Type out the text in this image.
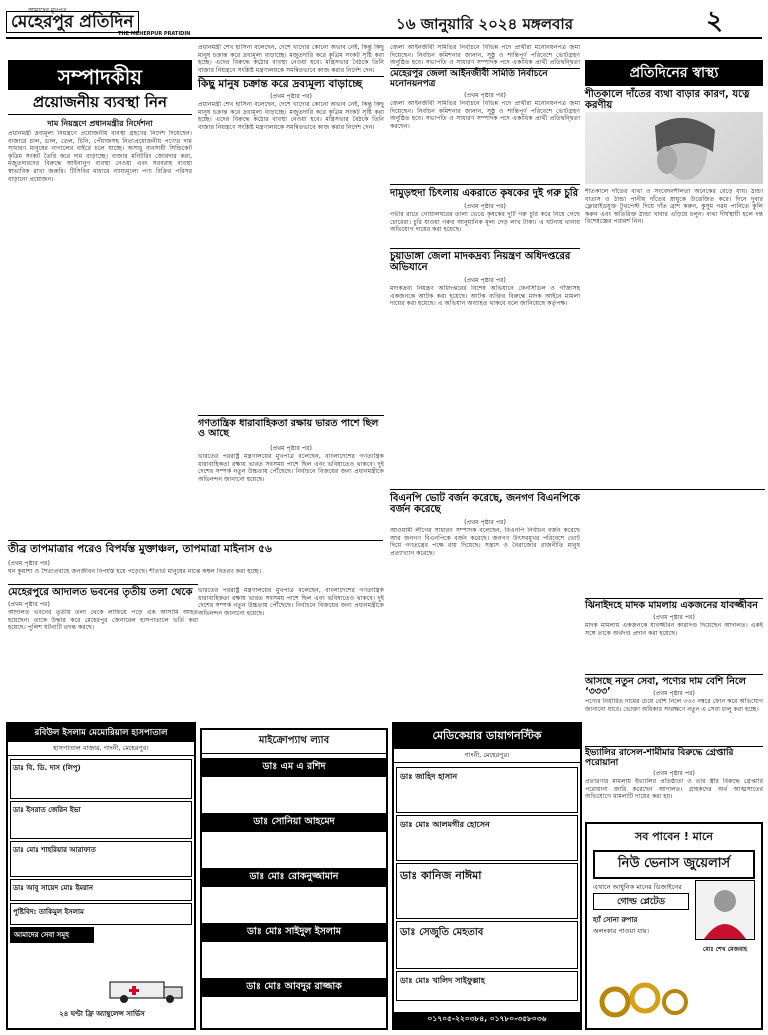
আমাদের মুখপত্র
মেহেরপুর প্রতিদিন
THE MEHERPUR PRATIDIN
১৬ জানুয়ারি ২০২৪ মঙ্গলবার	২
সম্পাদকীয়
প্রয়োজনীয় ব্যবস্থা নিন
দাম নিয়ন্ত্রণে প্রধানমন্ত্রীর নির্দেশনা
প্রধানমন্ত্রী দ্রব্যমূল্য নিয়ন্ত্রণে প্রয়োজনীয় ব্যবস্থা গ্রহণের নির্দেশ দিয়েছেন। বাজারে চাল, ডাল, তেল, চিনি, পেঁয়াজসহ নিত্যপ্রয়োজনীয় পণ্যের দাম সাধারণ মানুষের নাগালের বাইরে চলে যাচ্ছে। অসাধু ব্যবসায়ী সিন্ডিকেট কৃত্রিম সংকট তৈরি করে দাম বাড়াচ্ছে। বাজার মনিটরিং জোরদার করা, মজুতদারদের বিরুদ্ধে আইনানুগ ব্যবস্থা নেওয়া এবং সরবরাহ ব্যবস্থা স্বাভাবিক রাখা জরুরি। টিসিবির মাধ্যমে ন্যায্যমূল্যে পণ্য বিক্রির পরিসর বাড়ানো প্রয়োজন।
তীব্র তাপমাত্রার পরেও বিপর্যস্ত মুক্তাঞ্চল, তাপমাত্রা মাইনাস ৫৬
(প্রথম পৃষ্ঠার পর)
ঘন কুয়াশা ও শৈত্যপ্রবাহে জনজীবন বিপর্যস্ত হয়ে পড়েছে। শীতার্ত মানুষের মাঝে কম্বল বিতরণ করা হচ্ছে।
মেহেরপুরে আদালত ভবনের তৃতীয় তলা থেকে
(প্রথম পৃষ্ঠার পর)
আদালত ভবনের তৃতীয় তলা থেকে লাফিয়ে পড়ে এক আসামি আহত হয়েছেন। তাকে উদ্ধার করে মেহেরপুর জেনারেল হাসপাতালে ভর্তি করা হয়েছে। পুলিশ ঘটনাটি তদন্ত করছে।
প্রধানমন্ত্রী শেখ হাসিনা বলেছেন, দেশে খাদ্যের কোনো অভাব নেই, কিন্তু কিছু মানুষ চক্রান্ত করে দ্রব্যমূল্য বাড়াচ্ছে। মজুতদারি করে কৃত্রিম সংকট সৃষ্টি করা হচ্ছে। এদের বিরুদ্ধে কঠোর ব্যবস্থা নেওয়া হবে। মন্ত্রিসভার বৈঠকে তিনি বাজার নিয়ন্ত্রণে সংশ্লিষ্ট মন্ত্রণালয়কে সমন্বিতভাবে কাজ করার নির্দেশ দেন।
কিছু মানুষ চক্রান্ত করে দ্রব্যমূল্য বাড়াচ্ছে
(প্রথম পৃষ্ঠার পর)
প্রধানমন্ত্রী শেখ হাসিনা বলেছেন, দেশে খাদ্যের কোনো অভাব নেই, কিন্তু কিছু মানুষ চক্রান্ত করে দ্রব্যমূল্য বাড়াচ্ছে। মজুতদারি করে কৃত্রিম সংকট সৃষ্টি করা হচ্ছে। এদের বিরুদ্ধে কঠোর ব্যবস্থা নেওয়া হবে। মন্ত্রিসভার বৈঠকে তিনি বাজার নিয়ন্ত্রণে সংশ্লিষ্ট মন্ত্রণালয়কে সমন্বিতভাবে কাজ করার নির্দেশ দেন।
গণতান্ত্রিক ধারাবাহিকতা রক্ষায় ভারত পাশে ছিল ও আছে
(প্রথম পৃষ্ঠার পর)
ভারতের পররাষ্ট্র মন্ত্রণালয়ের মুখপাত্র বলেছেন, বাংলাদেশের গণতান্ত্রিক ধারাবাহিকতা রক্ষায় ভারত সবসময় পাশে ছিল এবং ভবিষ্যতেও থাকবে। দুই দেশের সম্পর্ক নতুন উচ্চতায় পৌঁছেছে। নির্বাচনে বিজয়ের জন্য প্রধানমন্ত্রীকে অভিনন্দন জানানো হয়েছে।
ভারতের পররাষ্ট্র মন্ত্রণালয়ের মুখপাত্র বলেছেন, বাংলাদেশের গণতান্ত্রিক ধারাবাহিকতা রক্ষায় ভারত সবসময় পাশে ছিল এবং ভবিষ্যতেও থাকবে। দুই দেশের সম্পর্ক নতুন উচ্চতায় পৌঁছেছে। নির্বাচনে বিজয়ের জন্য প্রধানমন্ত্রীকে অভিনন্দন জানানো হয়েছে।
জেলা আইনজীবী সমিতির নির্বাচনে বিভিন্ন পদে প্রার্থীরা মনোনয়নপত্র জমা দিয়েছেন। নির্বাচন কমিশনার জানান, সুষ্ঠু ও শান্তিপূর্ণ পরিবেশে ভোটগ্রহণ অনুষ্ঠিত হবে। সভাপতি ও সাধারণ সম্পাদক পদে একাধিক প্রার্থী প্রতিদ্বন্দ্বিতা
মেহেরপুর জেলা আইনজীবী সমিতি নির্বাচনে মনোনয়নপত্র
(প্রথম পৃষ্ঠার পর)
জেলা আইনজীবী সমিতির নির্বাচনে বিভিন্ন পদে প্রার্থীরা মনোনয়নপত্র জমা দিয়েছেন। নির্বাচন কমিশনার জানান, সুষ্ঠু ও শান্তিপূর্ণ পরিবেশে ভোটগ্রহণ অনুষ্ঠিত হবে। সভাপতি ও সাধারণ সম্পাদক পদে একাধিক প্রার্থী প্রতিদ্বন্দ্বিতা করছেন।
দামুড়হুদা চিৎলায় একরাতে কৃষকের দুই গরু চুরি
(প্রথম পৃষ্ঠার পর)
গভীর রাতে গোয়ালঘরের তালা ভেঙে কৃষকের দুটি গরু চুরি করে নিয়ে গেছে চোরেরা। চুরি যাওয়া গরুর আনুমানিক মূল্য দেড় লাখ টাকা। এ ঘটনায় থানায় অভিযোগ দায়ের করা হয়েছে।
চুয়াডাঙ্গা জেলা মাদকদ্রব্য নিয়ন্ত্রণ অধিদপ্তরের অভিযানে
(প্রথম পৃষ্ঠার পর)
মাদকদ্রব্য নিয়ন্ত্রণ অধিদপ্তরের বিশেষ অভিযানে ফেনসিডিল ও গাঁজাসহ একজনকে আটক করা হয়েছে। আটক ব্যক্তির বিরুদ্ধে মাদক আইনে মামলা দায়ের করা হয়েছে। এ অভিযান অব্যাহত থাকবে বলে জানিয়েছে কর্তৃপক্ষ।
বিএনপি ভোট বর্জন করেছে, জনগণ বিএনপিকে বর্জন করেছে
(প্রথম পৃষ্ঠার পর)
আওয়ামী লীগের সাধারণ সম্পাদক বলেছেন, বিএনপি নির্বাচন বর্জন করেছে আর জনগণ বিএনপিকে বর্জন করেছে। জনগণ উৎসবমুখর পরিবেশে ভোট দিয়ে গণতন্ত্রের পক্ষে রায় দিয়েছে। সন্ত্রাস ও নৈরাজ্যের রাজনীতি মানুষ প্রত্যাখ্যান করেছে।
প্রতিদিনের স্বাস্থ্য
শীতকালে দাঁতের ব্যথা বাড়ার কারণ, যত্নে করণীয়
শীতকালে দাঁতের ব্যথা ও সংবেদনশীলতা অনেকের বেড়ে যায়। ঠান্ডা বাতাস ও ঠান্ডা পানীয় দাঁতের স্নায়ুকে উত্তেজিত করে। দিনে দুবার ফ্লোরাইডযুক্ত টুথপেস্ট দিয়ে দাঁত ব্রাশ করুন, কুসুম গরম পানিতে কুলি করুন এবং অতিরিক্ত ঠান্ডা খাবার এড়িয়ে চলুন। ব্যথা দীর্ঘস্থায়ী হলে দন্ত বিশেষজ্ঞের পরামর্শ নিন।
ঝিনাইদহে মাদক মামলায় একজনের যাবজ্জীবন
(প্রথম পৃষ্ঠার পর)
মাদক মামলায় একজনকে যাবজ্জীবন কারাদণ্ড দিয়েছেন আদালত। একই সঙ্গে তাকে অর্থদণ্ড প্রদান করা হয়েছে।
আসছে নতুন সেবা, পণ্যের দাম বেশি নিলে ‘৩৩৩’	(প্রথম পৃষ্ঠার পর)
পণ্যের নির্ধারিত দামের চেয়ে বেশি নিলে ৩৩৩ নম্বরে ফোন করে অভিযোগ জানানো যাবে। ভোক্তা অধিকার সংরক্ষণে নতুন এ সেবা চালু করা হচ্ছে।
ইভ্যালির রাসেল-শামীমার বিরুদ্ধে গ্রেপ্তারি পরোয়ানা
(প্রথম পৃষ্ঠার পর)
প্রতারণার মামলায় ইভ্যালির প্রতিষ্ঠাতা ও তার স্ত্রীর বিরুদ্ধে গ্রেপ্তারি পরোয়ানা জারি করেছেন আদালত। গ্রাহকদের অর্থ আত্মসাতের অভিযোগে মামলাটি দায়ের করা হয়।
রবিউল ইসলাম মেমোরিয়াল হাসপাতাল
হাসপাতাল বাজার, গাংনী, মেহেরপুর।
ডাঃ বি. ডি. দাস (লিপু)
ডাঃ ইসরাত জেরিন ইভা
ডাঃ মোঃ শাহরিয়ার আরাফাত
ডাঃ আবু সায়েদ মোঃ ইমরান
পুষ্টিবিদ: তাকিমুল ইসলাম
আমাদের সেবা সমূহ
২৪ ঘণ্টা ফ্রি অ্যাম্বুলেন্স সার্ভিস
মাইক্রোপ্যাথ ল্যাব
ডাঃ এম এ রশিদ
ডাঃ সোনিয়া আহমেদ
ডাঃ মোঃ রোকনুজ্জামান
ডাঃ মোঃ সাইদুল ইসলাম
ডাঃ মোঃ আবদুর রাজ্জাক
মেডিকেয়ার ডায়াগনস্টিক
গাংনী, মেহেরপুর।
ডাঃ জাহিদ হাসান
ডাঃ মোঃ আলমগীর হোসেন
ডাঃ কানিজ নাঈমা
ডাঃ সেজুতি মেহতাব
ডাঃ মোঃ খালিদ সাইফুল্লাহ
০১৭০৫-২২০৩৮৪, ০১৭৮০-৩৫৮০৩৬
সব পাবেন ! মানে
নিউ ভেনাস জুয়েলার্স
এখানে আধুনিক মানের ডিজাইনের
গোল্ড প্লেটেড
হ্যাঁ সোনা রুপার
অলংকার পাওয়া যায়।
মোঃ শেখ মেজবাহ
